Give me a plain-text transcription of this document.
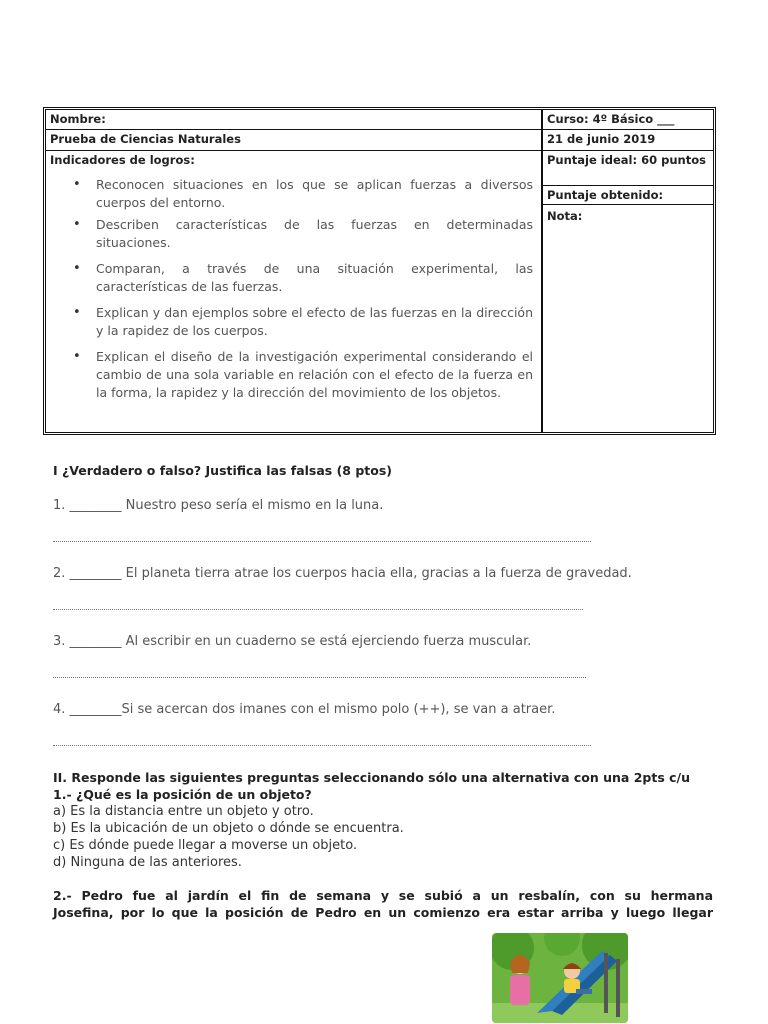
Nombre:
Prueba de Ciencias Naturales
Indicadores de logros:
• Reconocen situaciones en los que se aplican fuerzas a diversos cuerpos del entorno.
• Describen características de las fuerzas en determinadas situaciones.
• Comparan, a través de una situación experimental, las características de las fuerzas.
• Explican y dan ejemplos sobre el efecto de las fuerzas en la dirección y la rapidez de los cuerpos.
• Explican el diseño de la investigación experimental considerando el cambio de una sola variable en relación con el efecto de la fuerza en la forma, la rapidez y la dirección del movimiento de los objetos.
Curso: 4º Básico ___
21 de junio 2019
Puntaje ideal: 60 puntos
Puntaje obtenido:
Nota:
I ¿Verdadero o falso? Justifica las falsas (8 ptos)
1. ________ Nuestro peso sería el mismo en la luna.
2. ________ El planeta tierra atrae los cuerpos hacia ella, gracias a la fuerza de gravedad.
3. ________ Al escribir en un cuaderno se está ejerciendo fuerza muscular.
4. ________Si se acercan dos imanes con el mismo polo (++), se van a atraer.
II. Responde las siguientes preguntas seleccionando sólo una alternativa con una 2pts c/u
1.- ¿Qué es la posición de un objeto?
a) Es la distancia entre un objeto y otro.
b) Es la ubicación de un objeto o dónde se encuentra.
c) Es dónde puede llegar a moverse un objeto.
d) Ninguna de las anteriores.
2.- Pedro fue al jardín el fin de semana y se subió a un resbalín, con su hermana
Josefina, por lo que la posición de Pedro en un comienzo era estar arriba y luego llegar
